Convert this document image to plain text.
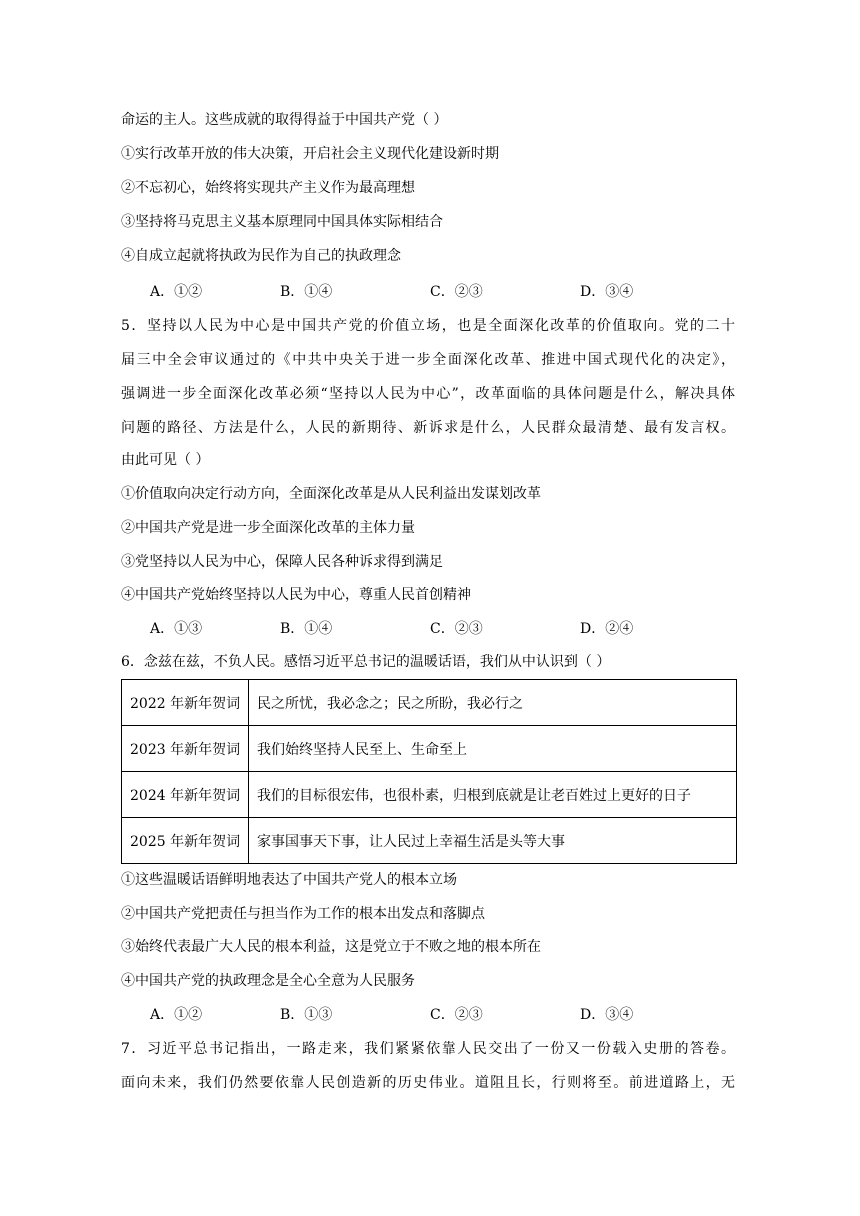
命运的主人。这些成就的取得得益于中国共产党（ ）
①实行改革开放的伟大决策，开启社会主义现代化建设新时期
②不忘初心，始终将实现共产主义作为最高理想
③坚持将马克思主义基本原理同中国具体实际相结合
④自成立起就将执政为民作为自己的执政理念
A．①②	B．①④	C．②③	D．③④
5．坚持以人民为中心是中国共产党的价值立场，也是全面深化改革的价值取向。党的二十
届三中全会审议通过的《中共中央关于进一步全面深化改革、推进中国式现代化的决定》，
强调进一步全面深化改革必须“坚持以人民为中心”，改革面临的具体问题是什么，解决具体
问题的路径、方法是什么，人民的新期待、新诉求是什么，人民群众最清楚、最有发言权。
由此可见（ ）
①价值取向决定行动方向，全面深化改革是从人民利益出发谋划改革
②中国共产党是进一步全面深化改革的主体力量
③党坚持以人民为中心，保障人民各种诉求得到满足
④中国共产党始终坚持以人民为中心，尊重人民首创精神
A．①③	B．①④	C．②③	D．②④
6．念兹在兹，不负人民。感悟习近平总书记的温暖话语，我们从中认识到（ ）
2022 年新年贺词	民之所忧，我必念之；民之所盼，我必行之
2023 年新年贺词	我们始终坚持人民至上、生命至上
2024 年新年贺词	我们的目标很宏伟，也很朴素，归根到底就是让老百姓过上更好的日子
2025 年新年贺词	家事国事天下事，让人民过上幸福生活是头等大事
①这些温暖话语鲜明地表达了中国共产党人的根本立场
②中国共产党把责任与担当作为工作的根本出发点和落脚点
③始终代表最广大人民的根本利益，这是党立于不败之地的根本所在
④中国共产党的执政理念是全心全意为人民服务
A．①②	B．①③	C．②③	D．③④
7．习近平总书记指出，一路走来，我们紧紧依靠人民交出了一份又一份载入史册的答卷。
面向未来，我们仍然要依靠人民创造新的历史伟业。道阻且长，行则将至。前进道路上，无
